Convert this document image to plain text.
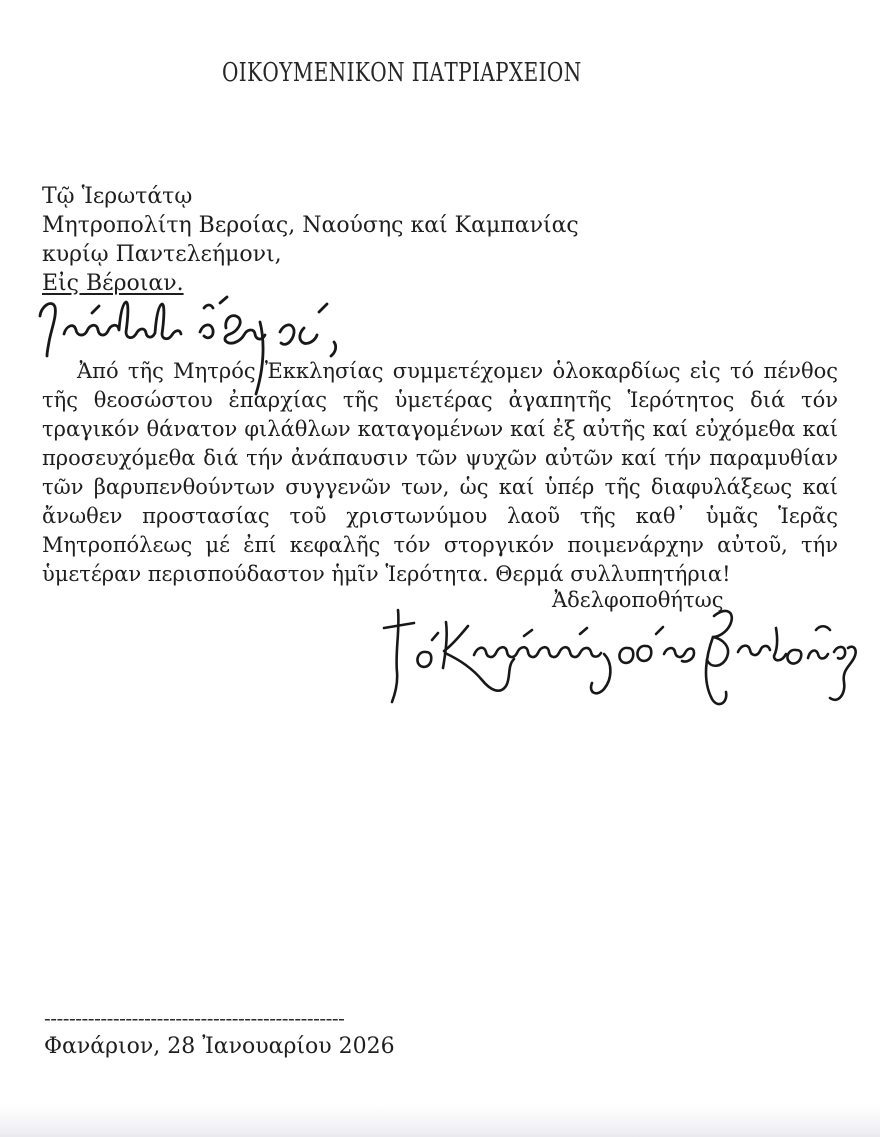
ΟΙΚΟΥΜΕΝΙΚΟΝ ΠΑΤΡΙΑΡΧΕΙΟΝ
Τῷ Ἱερωτάτῳ
Μητροπολίτη Βεροίας, Ναούσης καί Καμπανίας
κυρίῳ Παντελεήμονι,
Εἰς Βέροιαν.
Ἀπό τῆς Μητρός Ἐκκλησίας συμμετέχομεν ὁλοκαρδίως εἰς τό πένθος τῆς θεοσώστου ἐπαρχίας τῆς ὑμετέρας ἀγαπητῆς Ἱερότητος διά τόν τραγικόν θάνατον φιλάθλων καταγομένων καί ἐξ αὐτῆς καί εὐχόμεθα καί προσευχόμεθα διά τήν ἀνάπαυσιν τῶν ψυχῶν αὐτῶν καί τήν παραμυθίαν τῶν βαρυπενθούντων συγγενῶν των, ὡς καί ὑπέρ τῆς διαφυλάξεως καί ἄνωθεν προστασίας τοῦ χριστωνύμου λαοῦ τῆς καθ᾽ ὑμᾶς Ἱερᾶς Μητροπόλεως μέ ἐπί κεφαλῆς τόν στοργικόν ποιμενάρχην αὐτοῦ, τήν ὑμετέραν περισπούδαστον ἡμῖν Ἱερότητα. Θερμά συλλυπητήρια!
Ἀδελφοποθήτως
------------------------------------------------
Φανάριον, 28 Ἰανουαρίου 2026
